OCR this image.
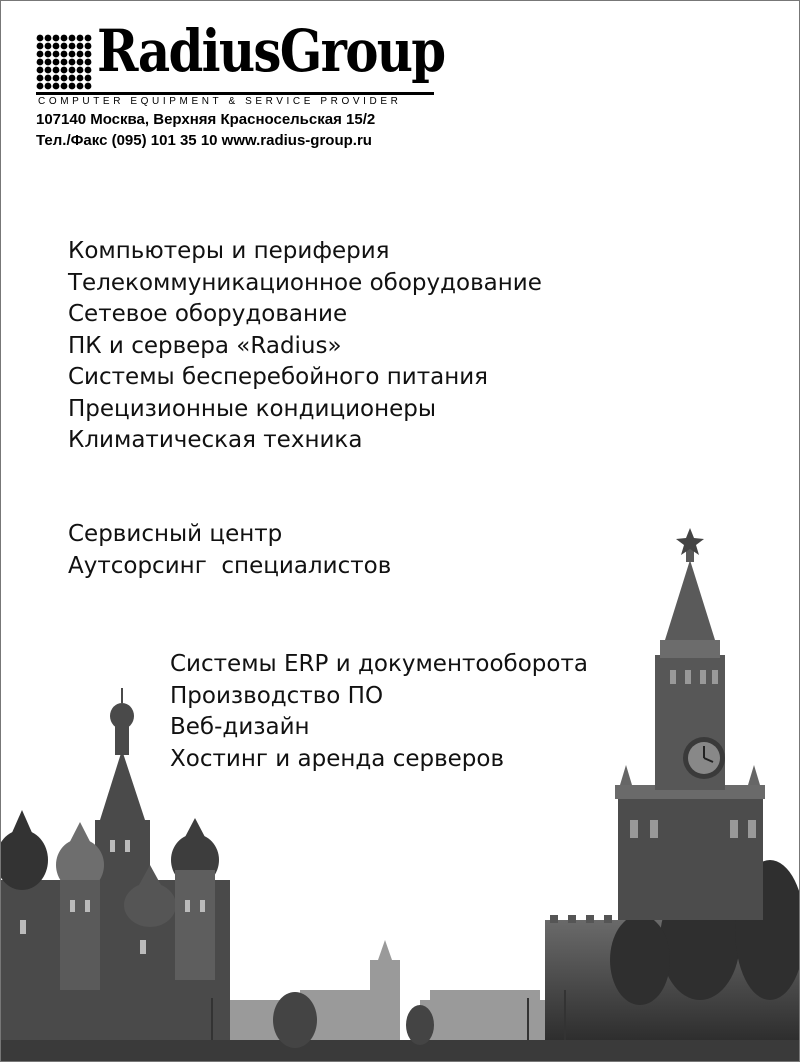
RadiusGroup
COMPUTER EQUIPMENT & SERVICE PROVIDER
107140 Москва, Верхняя Красносельская 15/2
Тел./Факс (095) 101 35 10 www.radius-group.ru
Компьютеры и периферия
Телекоммуникационное оборудование
Сетевое оборудование
ПК и сервера «Radius»
Системы бесперебойного питания
Прецизионные кондиционеры
Климатическая техника
Сервисный центр
Аутсорсинг  специалистов
Системы ERP и документооборота
Производство ПО
Веб-дизайн
Хостинг и аренда серверов
